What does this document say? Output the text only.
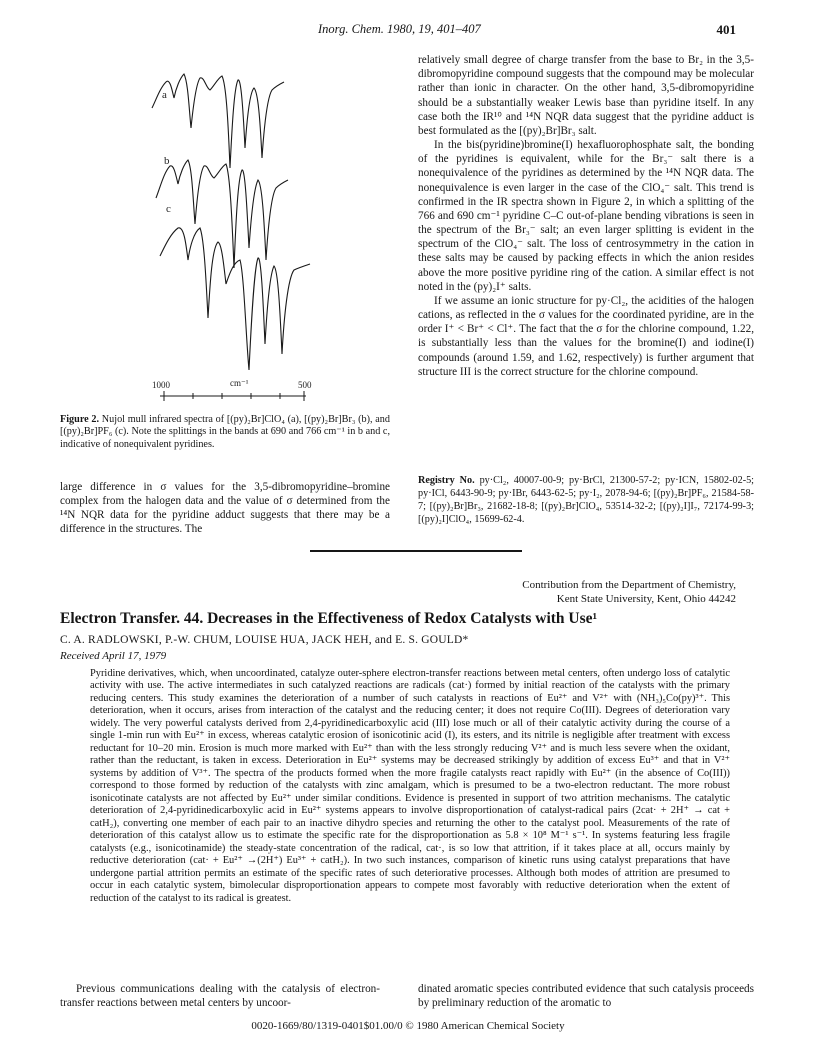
Inorg. Chem. 1980, 19, 401–407	401
a
b
c
1000	cm⁻¹	500
Figure 2. Nujol mull infrared spectra of [(py)₂Br]ClO₄ (a), [(py)₂Br]Br₃ (b), and [(py)₂Br]PF₆ (c). Note the splittings in the bands at 690 and 766 cm⁻¹ in b and c, indicative of nonequivalent pyridines.
large difference in σ values for the 3,5-dibromopyridine–bromine complex from the halogen data and the value of σ determined from the ¹⁴N NQR data for the pyridine adduct suggests that there may be a difference in the structures. The

relatively small degree of charge transfer from the base to Br₂ in the 3,5-dibromopyridine compound suggests that the compound may be molecular rather than ionic in character. On the other hand, 3,5-dibromopyridine should be a substantially weaker Lewis base than pyridine itself. In any case both the IR¹⁰ and ¹⁴N NQR data suggest that the pyridine adduct is best formulated as the [(py)₂Br]Br₃ salt.

In the bis(pyridine)bromine(I) hexafluorophosphate salt, the bonding of the pyridines is equivalent, while for the Br₃⁻ salt there is a nonequivalence of the pyridines as determined by the ¹⁴N NQR data. The nonequivalence is even larger in the case of the ClO₄⁻ salt. This trend is confirmed in the IR spectra shown in Figure 2, in which a splitting of the 766 and 690 cm⁻¹ pyridine C–C out-of-plane bending vibrations is seen in the spectrum of the Br₃⁻ salt; an even larger splitting is evident in the spectrum of the ClO₄⁻ salt. The loss of centrosymmetry in the cation in these salts may be caused by packing effects in which the anion resides above the more positive pyridine ring of the cation. A similar effect is not noted in the (py)₂I⁺ salts.

If we assume an ionic structure for py·Cl₂, the acidities of the halogen cations, as reflected in the σ values for the coordinated pyridine, are in the order I⁺ < Br⁺ < Cl⁺. The fact that the σ for the chlorine compound, 1.22, is substantially less than the values for the bromine(I) and iodine(I) compounds (around 1.59, and 1.62, respectively) is further argument that structure III is the correct structure for the chlorine compound.

Registry No. py·Cl₂, 40007-00-9; py·BrCl, 21300-57-2; py·ICN, 15802-02-5; py·ICl, 6443-90-9; py·IBr, 6443-62-5; py·I₂, 2078-94-6; [(py)₂Br]PF₆, 21584-58-7; [(py)₂Br]Br₃, 21682-18-8; [(py)₂Br]ClO₄, 53514-32-2; [(py)₂I]I₇, 72174-99-3; [(py)₂I]ClO₄, 15699-62-4.
Contribution from the Department of Chemistry,
Kent State University, Kent, Ohio 44242
Electron Transfer. 44. Decreases in the Effectiveness of Redox Catalysts with Use¹
C. A. RADLOWSKI, P.-W. CHUM, LOUISE HUA, JACK HEH, and E. S. GOULD*
Received April 17, 1979
Pyridine derivatives, which, when uncoordinated, catalyze outer-sphere electron-transfer reactions between metal centers, often undergo loss of catalytic activity with use. The active intermediates in such catalyzed reactions are radicals (cat·) formed by initial reaction of the catalysts with the primary reducing centers. This study examines the deterioration of a number of such catalysts in reactions of Eu²⁺ and V²⁺ with (NH₃)₅Co(py)³⁺. This deterioration, when it occurs, arises from interaction of the catalyst and the reducing center; it does not require Co(III). Degrees of deterioration vary widely. The very powerful catalysts derived from 2,4-pyridinedicarboxylic acid (III) lose much or all of their catalytic activity during the course of a single 1-min run with Eu²⁺ in excess, whereas catalytic erosion of isonicotinic acid (I), its esters, and its nitrile is negligible after treatment with excess reductant for 10–20 min. Erosion is much more marked with Eu²⁺ than with the less strongly reducing V²⁺ and is much less severe when the oxidant, rather than the reductant, is taken in excess. Deterioration in Eu²⁺ systems may be decreased strikingly by addition of excess Eu³⁺ and that in V²⁺ systems by addition of V³⁺. The spectra of the products formed when the more fragile catalysts react rapidly with Eu²⁺ (in the absence of Co(III)) correspond to those formed by reduction of the catalysts with zinc amalgam, which is presumed to be a two-electron reductant. The more robust isonicotinate catalysts are not affected by Eu²⁺ under similar conditions. Evidence is presented in support of two attrition mechanisms. The catalytic deterioration of 2,4-pyridinedicarboxylic acid in Eu²⁺ systems appears to involve disproportionation of catalyst-radical pairs (2cat· + 2H⁺ → cat + catH₂), converting one member of each pair to an inactive dihydro species and returning the other to the catalyst pool. Measurements of the rate of deterioration of this catalyst allow us to estimate the specific rate for the disproportionation as 5.8 × 10⁸ M⁻¹ s⁻¹. In systems featuring less fragile catalysts (e.g., isonicotinamide) the steady-state concentration of the radical, cat·, is so low that attrition, if it takes place at all, occurs mainly by reductive deterioration (cat· + Eu²⁺ →(2H⁺) Eu³⁺ + catH₂). In two such instances, comparison of kinetic runs using catalyst preparations that have undergone partial attrition permits an estimate of the specific rates of such deteriorative processes. Although both modes of attrition are presumed to occur in each catalytic system, bimolecular disproportionation appears to compete most favorably with reductive deterioration when the extent of reduction of the catalyst to its radical is greatest.
Previous communications dealing with the catalysis of electron-transfer reactions between metal centers by uncoor-
dinated aromatic species contributed evidence that such catalysis proceeds by preliminary reduction of the aromatic to
0020-1669/80/1319-0401$01.00/0 © 1980 American Chemical Society
